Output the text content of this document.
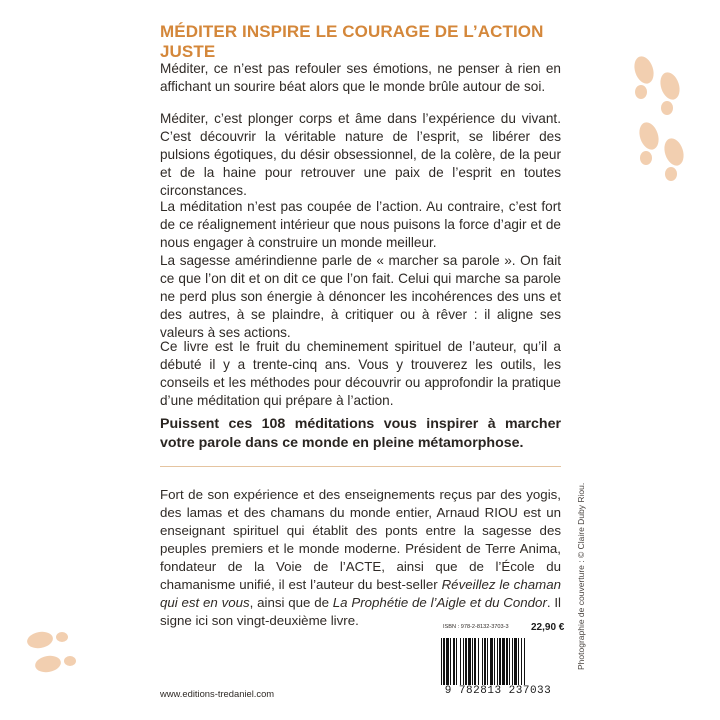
MÉDITER INSPIRE LE COURAGE DE L’ACTION JUSTE

Méditer, ce n’est pas refouler ses émotions, ne penser à rien en affichant un sourire béat alors que le monde brûle autour de soi.

Méditer, c’est plonger corps et âme dans l’expérience du vivant. C’est découvrir la véritable nature de l’esprit, se libérer des pulsions égotiques, du désir obsessionnel, de la colère, de la peur et de la haine pour retrouver une paix de l’esprit en toutes circonstances.

La méditation n’est pas coupée de l’action. Au contraire, c’est fort de ce réalignement intérieur que nous puisons la force d’agir et de nous engager à construire un monde meilleur.

La sagesse amérindienne parle de « marcher sa parole ». On fait ce que l’on dit et on dit ce que l’on fait. Celui qui marche sa parole ne perd plus son énergie à dénoncer les incohérences des uns et des autres, à se plaindre, à critiquer ou à rêver : il aligne ses valeurs à ses actions.

Ce livre est le fruit du cheminement spirituel de l’auteur, qu’il a débuté il y a trente-cinq ans. Vous y trouverez les outils, les conseils et les méthodes pour découvrir ou approfondir la pratique d’une méditation qui prépare à l’action.

Puissent ces 108 méditations vous inspirer à marcher votre parole dans ce monde en pleine métamorphose.

Fort de son expérience et des enseignements reçus par des yogis, des lamas et des chamans du monde entier, Arnaud RIOU est un enseignant spirituel qui établit des ponts entre la sagesse des peuples premiers et le monde moderne. Président de Terre Anima, fondateur de la Voie de l’ACTE, ainsi que de l’École du chamanisme unifié, il est l’auteur du best-seller Réveillez le chaman qui est en vous, ainsi que de La Prophétie de l’Aigle et du Condor. Il signe ici son vingt-deuxième livre.	Photographie de couverture : © Claire Duby Riou.
ISBN : 978-2-8132-3703-3 22,90 €
9 782813 237033
www.editions-tredaniel.com
